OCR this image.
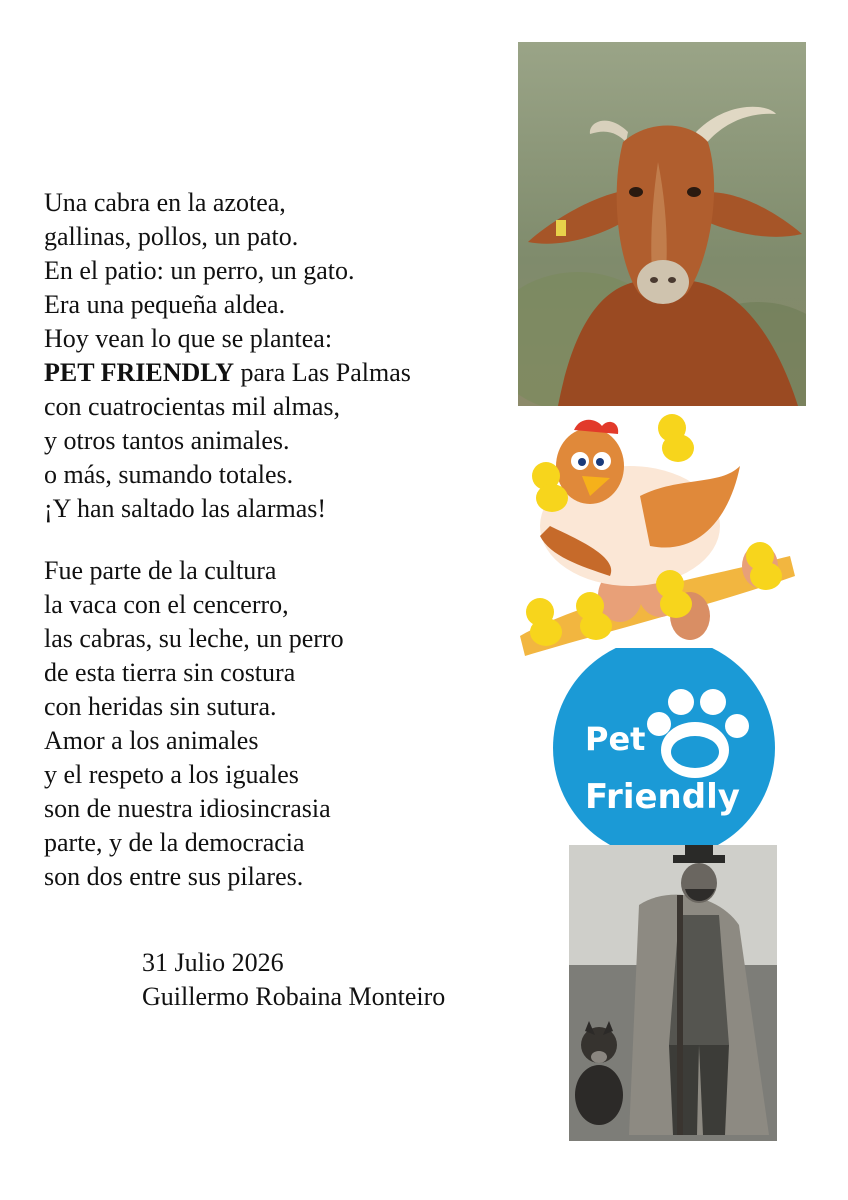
Una cabra en la azotea,
gallinas, pollos, un pato.
En el patio: un perro, un gato.
Era una pequeña aldea.
Hoy vean lo que se plantea:
PET FRIENDLY para Las Palmas
con cuatrocientas mil almas,
y otros tantos animales.
o más, sumando totales.
¡Y han saltado las alarmas!
Fue parte de la cultura
la vaca con el cencerro,
las cabras, su leche, un perro
de esta tierra sin costura
con heridas sin sutura.
Amor a los animales
y el respeto a los iguales
son de nuestra idiosincrasia
parte, y de la democracia
son dos entre sus pilares.
31 Julio 2026
Guillermo Robaina Monteiro
Pet
Friendly
